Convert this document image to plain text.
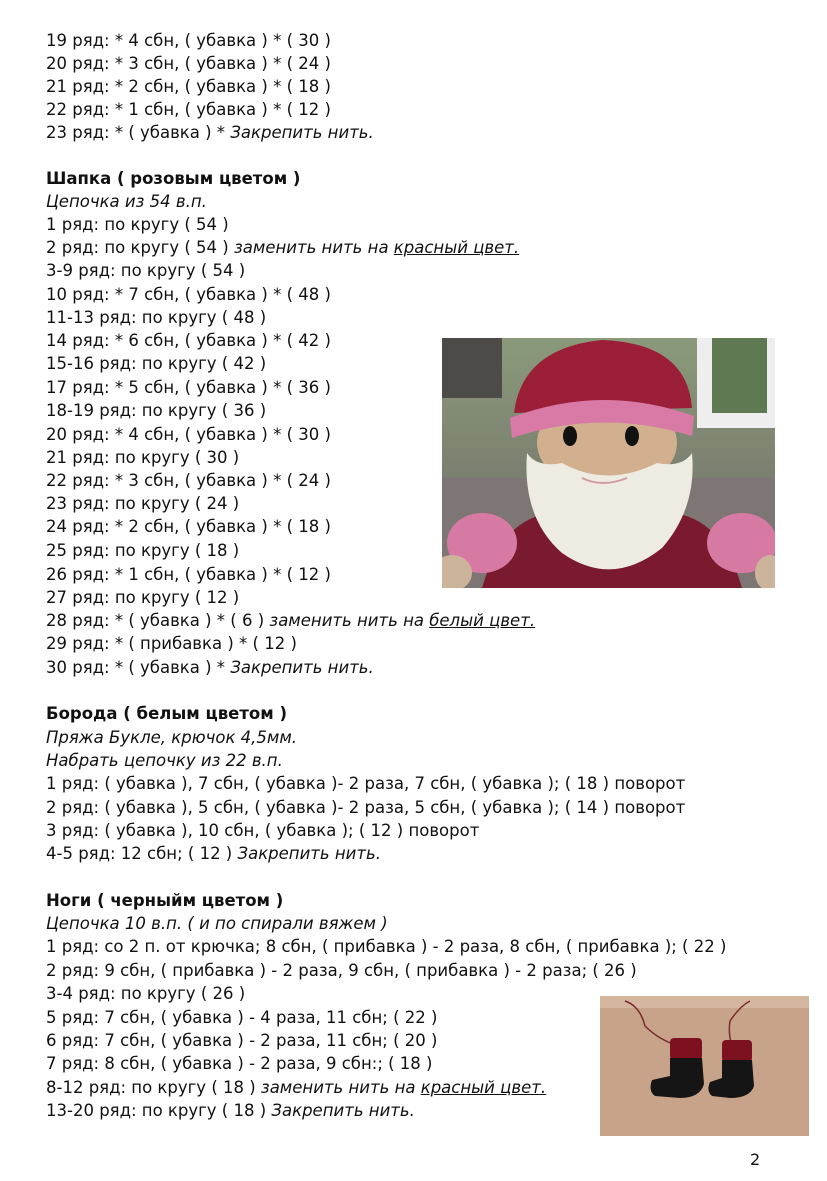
19 ряд: * 4 сбн, ( убавка ) * ( 30 )
20 ряд: * 3 сбн, ( убавка ) * ( 24 )
21 ряд: * 2 сбн, ( убавка ) * ( 18 )
22 ряд: * 1 сбн, ( убавка ) * ( 12 )
23 ряд: * ( убавка ) * Закрепить нить.
Шапка ( розовым цветом )
Цепочка из 54 в.п.
1 ряд: по кругу ( 54 )
2 ряд: по кругу ( 54 ) заменить нить на красный цвет.
3-9 ряд: по кругу ( 54 )
10 ряд: * 7 сбн, ( убавка ) * ( 48 )
11-13 ряд: по кругу ( 48 )
14 ряд: * 6 сбн, ( убавка ) * ( 42 )
15-16 ряд: по кругу ( 42 )
17 ряд: * 5 сбн, ( убавка ) * ( 36 )
18-19 ряд: по кругу ( 36 )
20 ряд: * 4 сбн, ( убавка ) * ( 30 )
21 ряд: по кругу ( 30 )
22 ряд: * 3 сбн, ( убавка ) * ( 24 )
23 ряд: по кругу ( 24 )
24 ряд: * 2 сбн, ( убавка ) * ( 18 )
25 ряд: по кругу ( 18 )
26 ряд: * 1 сбн, ( убавка ) * ( 12 )
27 ряд: по кругу ( 12 )
28 ряд: * ( убавка ) * ( 6 ) заменить нить на белый цвет.
29 ряд: * ( прибавка ) * ( 12 )
30 ряд: * ( убавка ) * Закрепить нить.
Борода ( белым цветом )
Пряжа Букле, крючок 4,5мм.
Набрать цепочку из 22 в.п.
1 ряд: ( убавка ), 7 сбн, ( убавка )- 2 раза, 7 сбн, ( убавка ); ( 18 ) поворот
2 ряд: ( убавка ), 5 сбн, ( убавка )- 2 раза, 5 сбн, ( убавка ); ( 14 ) поворот
3 ряд: ( убавка ), 10 сбн, ( убавка ); ( 12 ) поворот
4-5 ряд: 12 сбн; ( 12 ) Закрепить нить.
Ноги ( черныйм цветом )
Цепочка 10 в.п. ( и по спирали вяжем )
1 ряд: со 2 п. от крючка; 8 сбн, ( прибавка ) - 2 раза, 8 сбн, ( прибавка ); ( 22 )
2 ряд: 9 сбн, ( прибавка ) - 2 раза, 9 сбн, ( прибавка ) - 2 раза; ( 26 )
3-4 ряд: по кругу ( 26 )
5 ряд: 7 сбн, ( убавка ) - 4 раза, 11 сбн; ( 22 )
6 ряд: 7 сбн, ( убавка ) - 2 раза, 11 сбн; ( 20 )
7 ряд: 8 сбн, ( убавка ) - 2 раза, 9 сбн:; ( 18 )
8-12 ряд: по кругу ( 18 ) заменить нить на красный цвет.
13-20 ряд: по кругу ( 18 ) Закрепить нить.
2
